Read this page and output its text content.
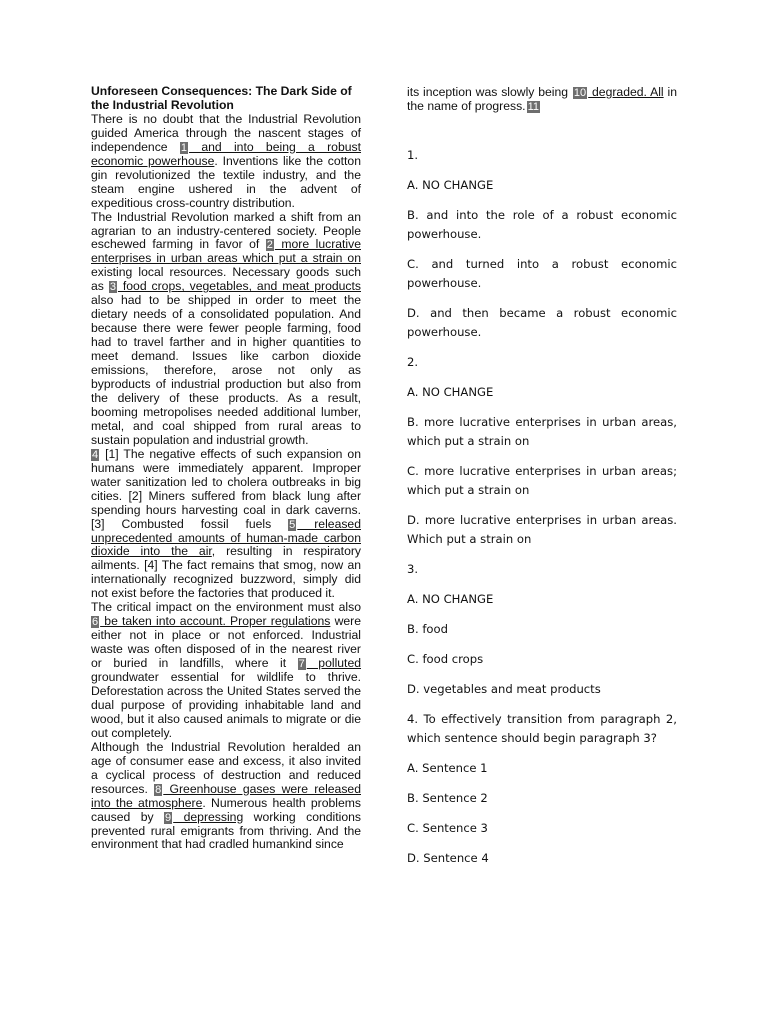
Unforeseen Consequences: The Dark Side of the Industrial Revolution

There is no doubt that the Industrial Revolution guided America through the nascent stages of independence 1 and into being a robust economic powerhouse. Inventions like the cotton gin revolutionized the textile industry, and the steam engine ushered in the advent of expeditious cross-country distribution.

The Industrial Revolution marked a shift from an agrarian to an industry-centered society. People eschewed farming in favor of 2 more lucrative enterprises in urban areas which put a strain on existing local resources. Necessary goods such as 3 food crops, vegetables, and meat products also had to be shipped in order to meet the dietary needs of a consolidated population. And because there were fewer people farming, food had to travel farther and in higher quantities to meet demand. Issues like carbon dioxide emissions, therefore, arose not only as byproducts of industrial production but also from the delivery of these products. As a result, booming metropolises needed additional lumber, metal, and coal shipped from rural areas to sustain population and industrial growth.

4 [1] The negative effects of such expansion on humans were immediately apparent. Improper water sanitization led to cholera outbreaks in big cities. [2] Miners suffered from black lung after spending hours harvesting coal in dark caverns. [3] Combusted fossil fuels 5 released unprecedented amounts of human-made carbon dioxide into the air, resulting in respiratory ailments. [4] The fact remains that smog, now an internationally recognized buzzword, simply did not exist before the factories that produced it.

The critical impact on the environment must also 6 be taken into account. Proper regulations were either not in place or not enforced. Industrial waste was often disposed of in the nearest river or buried in landfills, where it 7 polluted groundwater essential for wildlife to thrive. Deforestation across the United States served the dual purpose of providing inhabitable land and wood, but it also caused animals to migrate or die out completely.

Although the Industrial Revolution heralded an age of consumer ease and excess, it also invited a cyclical process of destruction and reduced resources. 8 Greenhouse gases were released into the atmosphere. Numerous health problems caused by 9 depressing working conditions prevented rural emigrants from thriving. And the environment that had cradled humankind since

its inception was slowly being 10 degraded. All in the name of progress. 11

1.

A. NO CHANGE

B. and into the role of a robust economic powerhouse.

C. and turned into a robust economic powerhouse.

D. and then became a robust economic powerhouse.

2.

A. NO CHANGE

B. more lucrative enterprises in urban areas, which put a strain on

C. more lucrative enterprises in urban areas; which put a strain on

D. more lucrative enterprises in urban areas. Which put a strain on

3.

A. NO CHANGE

B. food

C. food crops

D. vegetables and meat products

4. To effectively transition from paragraph 2, which sentence should begin paragraph 3?

A. Sentence 1

B. Sentence 2

C. Sentence 3

D. Sentence 4
